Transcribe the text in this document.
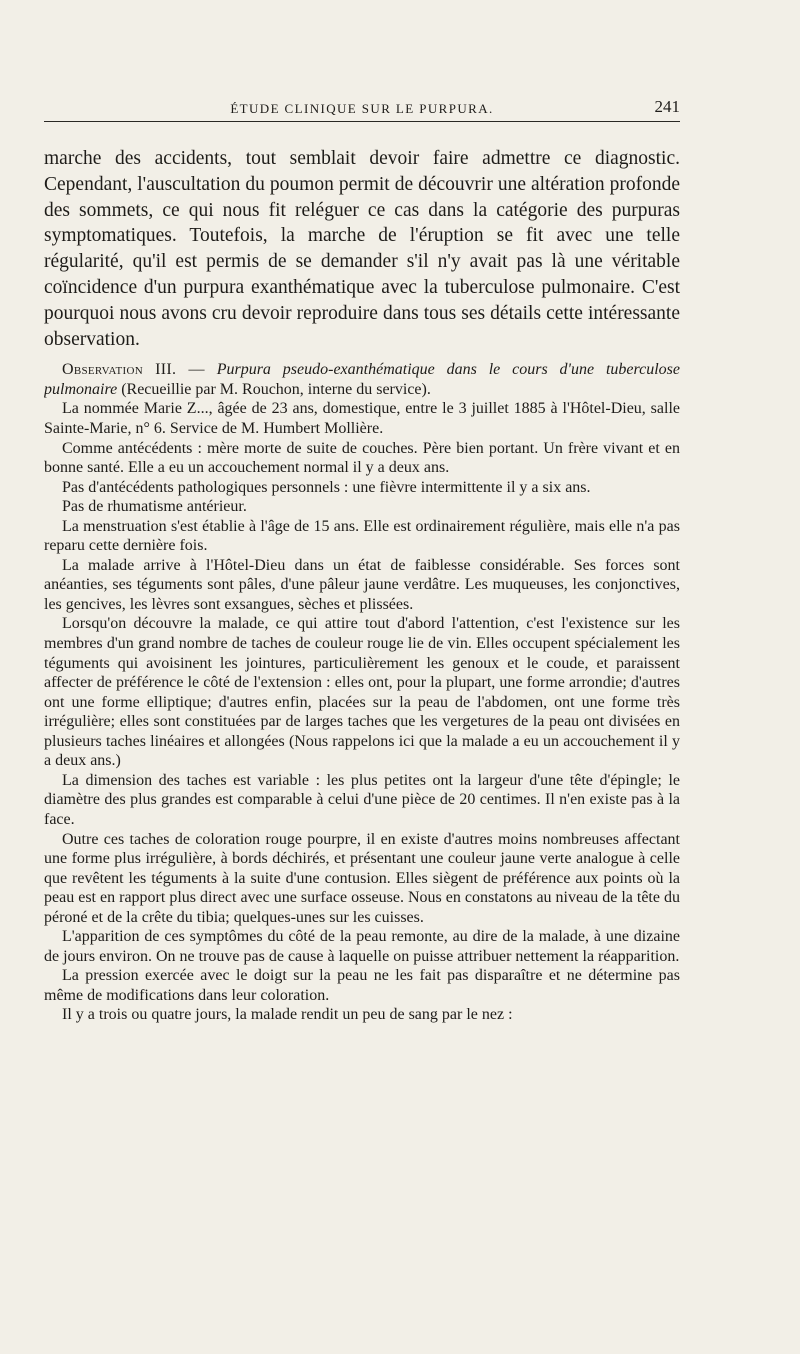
ÉTUDE CLINIQUE SUR LE PURPURA.	241

marche des accidents, tout semblait devoir faire admettre ce diagnostic. Cependant, l'auscultation du poumon permit de découvrir une altération profonde des sommets, ce qui nous fit reléguer ce cas dans la catégorie des purpuras symptomatiques. Toutefois, la marche de l'éruption se fit avec une telle régularité, qu'il est permis de se demander s'il n'y avait pas là une véritable coïncidence d'un purpura exanthématique avec la tuberculose pulmonaire. C'est pourquoi nous avons cru devoir reproduire dans tous ses détails cette intéressante observation.

Observation III. — Purpura pseudo-exanthématique dans le cours d'une tuberculose pulmonaire (Recueillie par M. Rouchon, interne du service).

La nommée Marie Z..., âgée de 23 ans, domestique, entre le 3 juillet 1885 à l'Hôtel-Dieu, salle Sainte-Marie, n° 6. Service de M. Humbert Mollière.

Comme antécédents : mère morte de suite de couches. Père bien portant. Un frère vivant et en bonne santé. Elle a eu un accouchement normal il y a deux ans.

Pas d'antécédents pathologiques personnels : une fièvre intermittente il y a six ans.

Pas de rhumatisme antérieur.

La menstruation s'est établie à l'âge de 15 ans. Elle est ordinairement régulière, mais elle n'a pas reparu cette dernière fois.

La malade arrive à l'Hôtel-Dieu dans un état de faiblesse considérable. Ses forces sont anéanties, ses téguments sont pâles, d'une pâleur jaune verdâtre. Les muqueuses, les conjonctives, les gencives, les lèvres sont exsangues, sèches et plissées.

Lorsqu'on découvre la malade, ce qui attire tout d'abord l'attention, c'est l'existence sur les membres d'un grand nombre de taches de couleur rouge lie de vin. Elles occupent spécialement les téguments qui avoisinent les jointures, particulièrement les genoux et le coude, et paraissent affecter de préférence le côté de l'extension : elles ont, pour la plupart, une forme arrondie; d'autres ont une forme elliptique; d'autres enfin, placées sur la peau de l'abdomen, ont une forme très irrégulière; elles sont constituées par de larges taches que les vergetures de la peau ont divisées en plusieurs taches linéaires et allongées (Nous rappelons ici que la malade a eu un accouchement il y a deux ans.)

La dimension des taches est variable : les plus petites ont la largeur d'une tête d'épingle; le diamètre des plus grandes est comparable à celui d'une pièce de 20 centimes. Il n'en existe pas à la face.

Outre ces taches de coloration rouge pourpre, il en existe d'autres moins nombreuses affectant une forme plus irrégulière, à bords déchirés, et présentant une couleur jaune verte analogue à celle que revêtent les téguments à la suite d'une contusion. Elles siègent de préférence aux points où la peau est en rapport plus direct avec une surface osseuse. Nous en constatons au niveau de la tête du péroné et de la crête du tibia; quelques-unes sur les cuisses.

L'apparition de ces symptômes du côté de la peau remonte, au dire de la malade, à une dizaine de jours environ. On ne trouve pas de cause à laquelle on puisse attribuer nettement la réapparition.

La pression exercée avec le doigt sur la peau ne les fait pas disparaître et ne détermine pas même de modifications dans leur coloration.

Il y a trois ou quatre jours, la malade rendit un peu de sang par le nez :
